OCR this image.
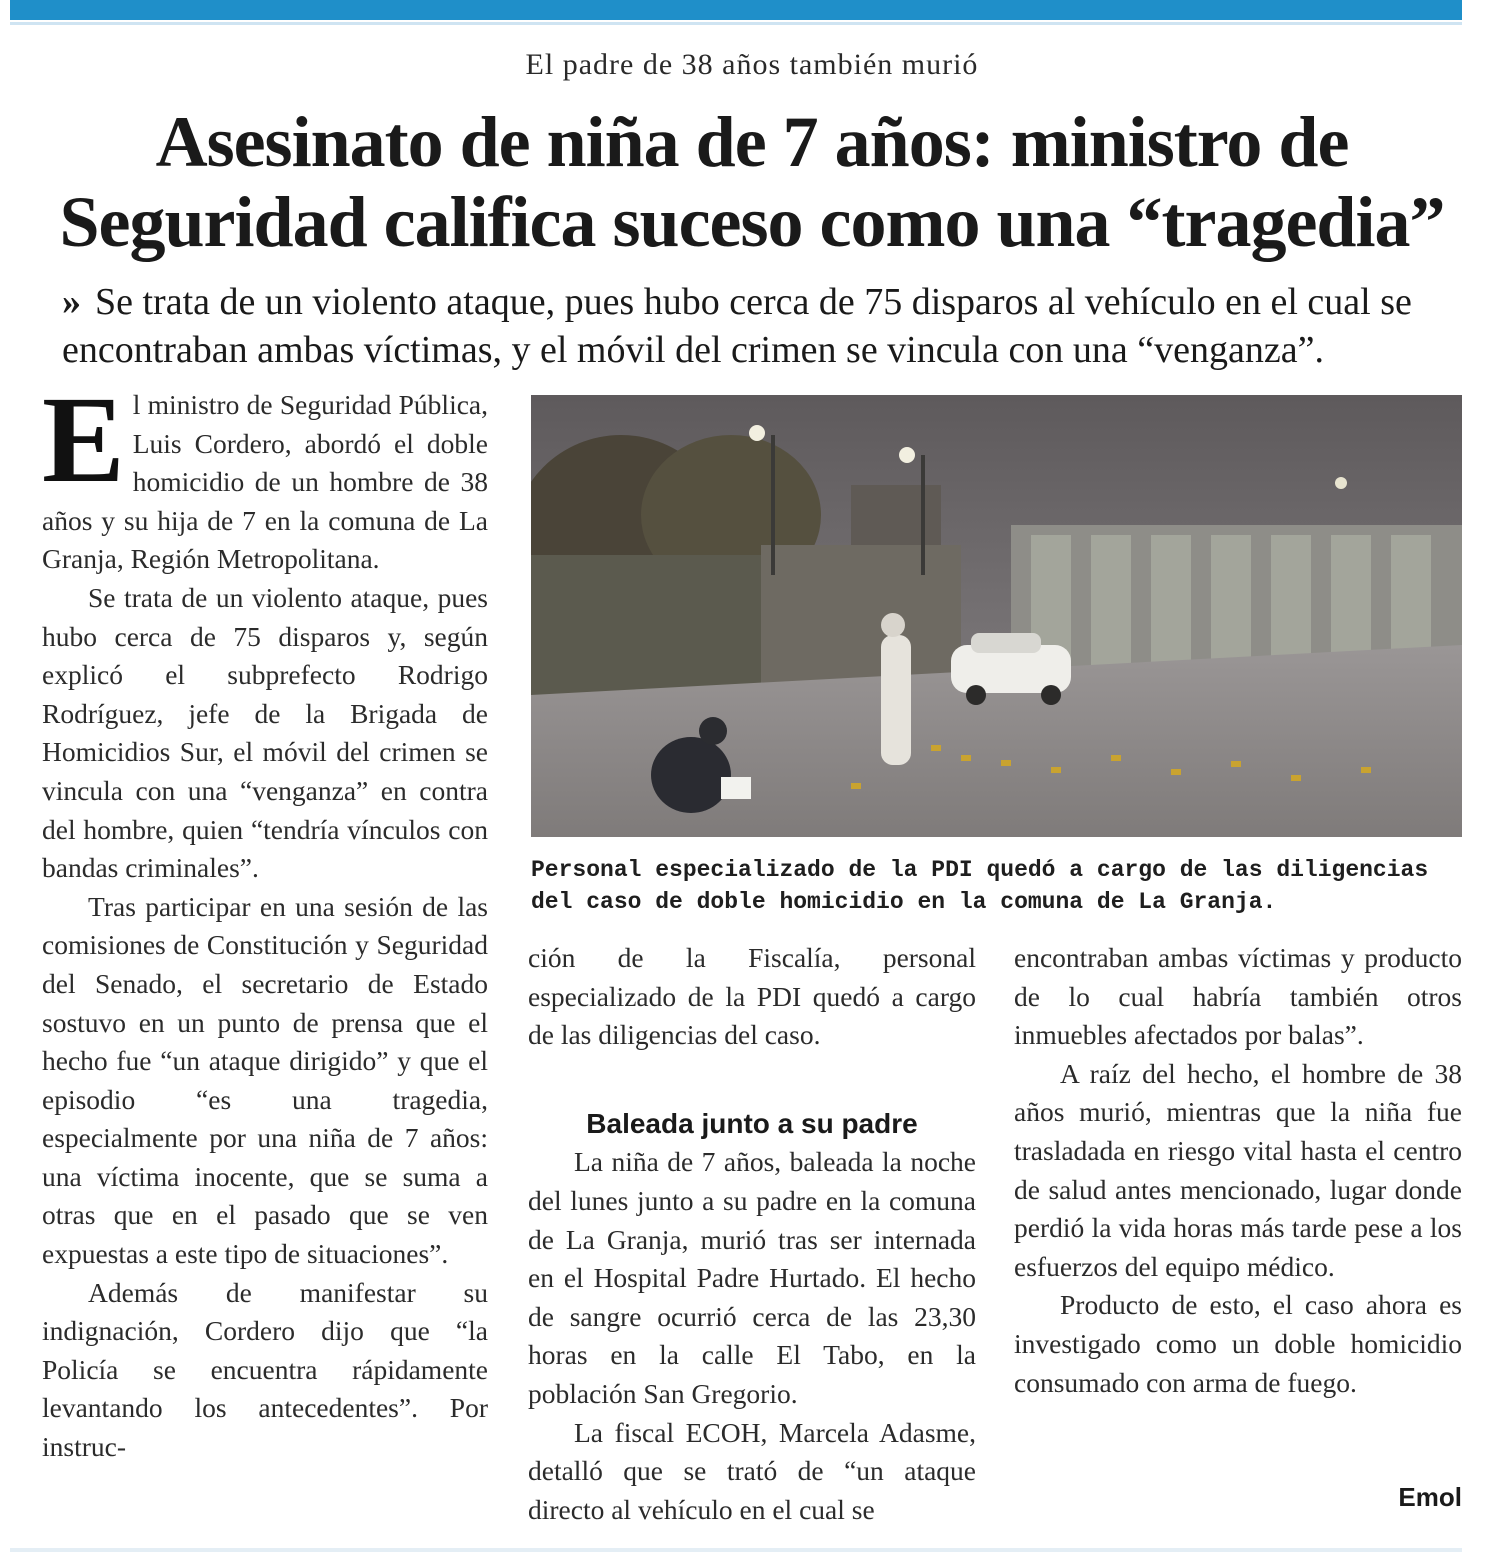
El padre de 38 años también murió
Asesinato de niña de 7 años: ministro de Seguridad califica suceso como una “tragedia”
» Se trata de un violento ataque, pues hubo cerca de 75 disparos al vehículo en el cual se encontraban ambas víctimas, y el móvil del crimen se vincula con una “venganza”.

El ministro de Seguridad Pública, Luis Cordero, abordó el doble homicidio de un hombre de 38 años y su hija de 7 en la comuna de La Granja, Región Metropolitana.

Se trata de un violento ataque, pues hubo cerca de 75 disparos y, según explicó el subprefecto Rodrigo Rodríguez, jefe de la Brigada de Homicidios Sur, el móvil del crimen se vincula con una “venganza” en contra del hombre, quien “tendría vínculos con bandas criminales”.

Tras participar en una sesión de las comisiones de Constitución y Seguridad del Senado, el secretario de Estado sostuvo en un punto de prensa que el hecho fue “un ataque dirigido” y que el episodio “es una tragedia, especialmente por una niña de 7 años: una víctima inocente, que se suma a otras que en el pasado que se ven expuestas a este tipo de situaciones”.

Además de manifestar su indignación, Cordero dijo que “la Policía se encuentra rápidamente levantando los antecedentes”. Por instruc-

Personal especializado de la PDI quedó a cargo de las diligencias del caso de doble homicidio en la comuna de La Granja.

ción de la Fiscalía, personal especializado de la PDI quedó a cargo de las diligencias del caso.

Baleada junto a su padre

La niña de 7 años, baleada la noche del lunes junto a su padre en la comuna de La Granja, murió tras ser internada en el Hospital Padre Hurtado. El hecho de sangre ocurrió cerca de las 23,30 horas en la calle El Tabo, en la población San Gregorio.

La fiscal ECOH, Marcela Adasme, detalló que se trató de “un ataque directo al vehículo en el cual se

encontraban ambas víctimas y producto de lo cual habría también otros inmuebles afectados por balas”.

A raíz del hecho, el hombre de 38 años murió, mientras que la niña fue trasladada en riesgo vital hasta el centro de salud antes mencionado, lugar donde perdió la vida horas más tarde pese a los esfuerzos del equipo médico.

Producto de esto, el caso ahora es investigado como un doble homicidio consumado con arma de fuego.

Emol
